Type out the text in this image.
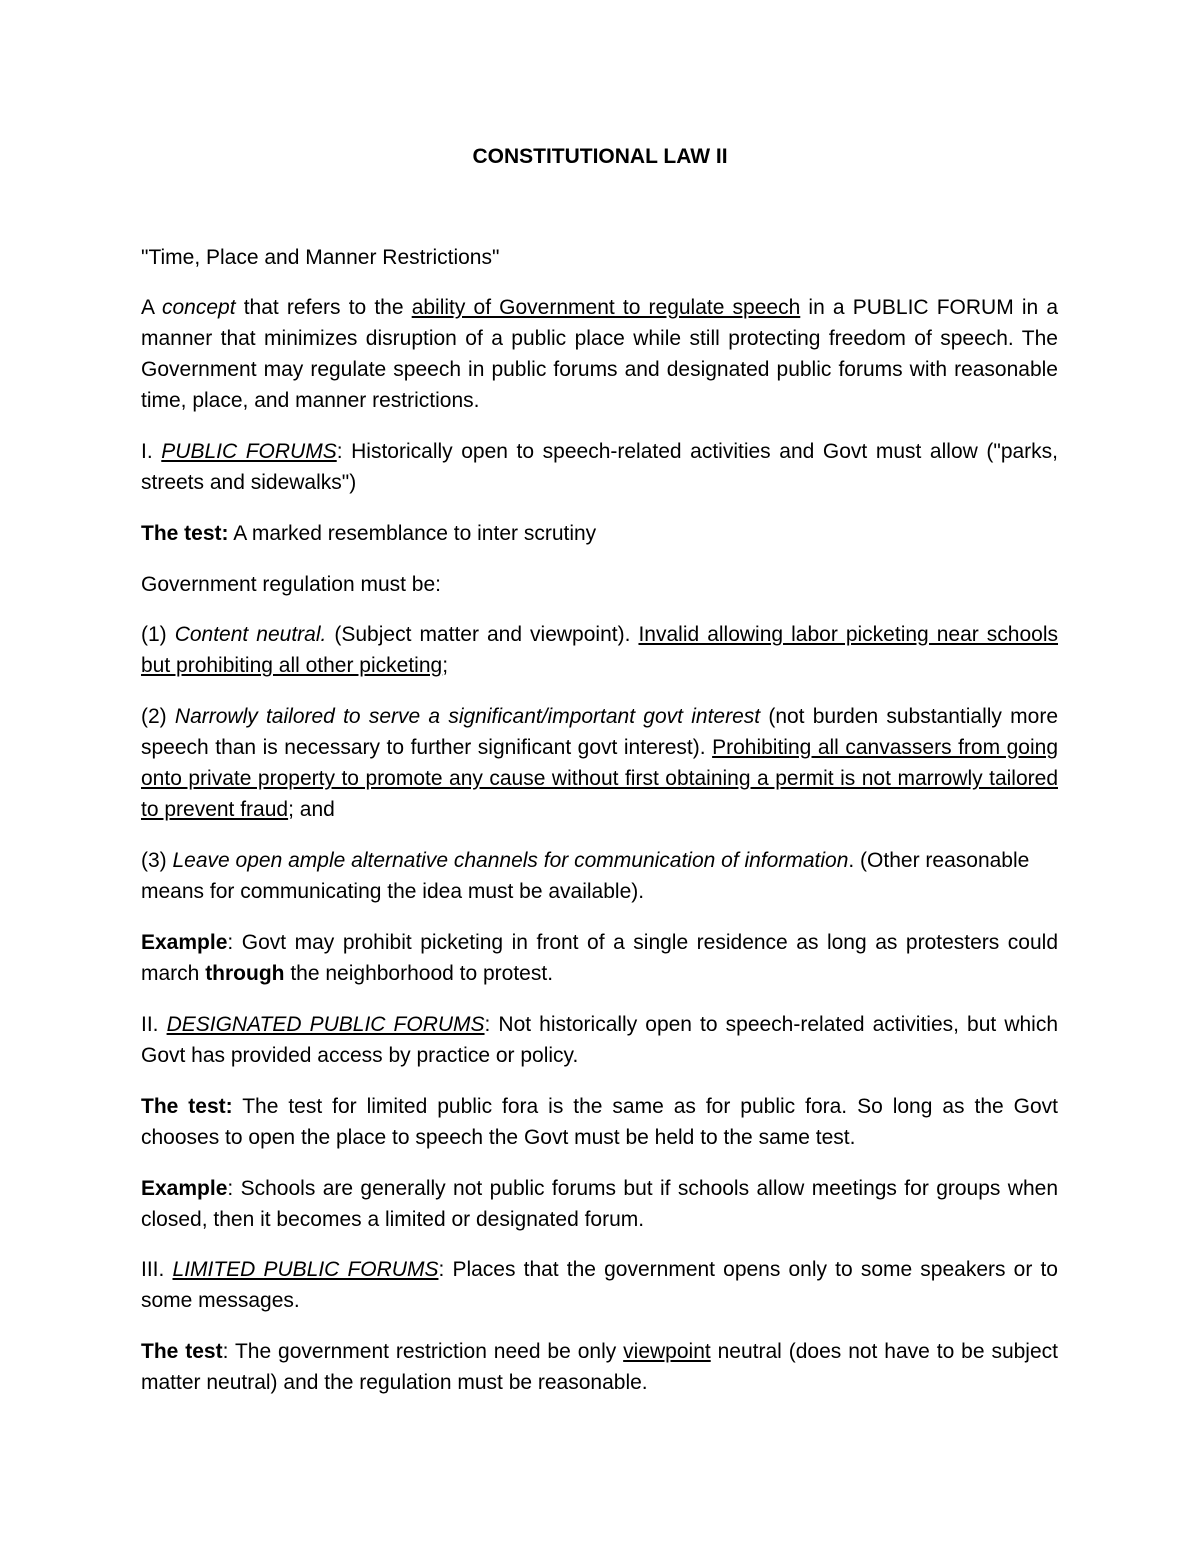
CONSTITUTIONAL LAW II

"Time, Place and Manner Restrictions"

A concept that refers to the ability of Government to regulate speech in a PUBLIC FORUM in a manner that minimizes disruption of a public place while still protecting freedom of speech. The Government may regulate speech in public forums and designated public forums with reasonable time, place, and manner restrictions.

I. PUBLIC FORUMS: Historically open to speech-related activities and Govt must allow ("parks, streets and sidewalks")

The test: A marked resemblance to inter scrutiny

Government regulation must be:

(1) Content neutral. (Subject matter and viewpoint). Invalid allowing labor picketing near schools but prohibiting all other picketing;

(2) Narrowly tailored to serve a significant/important govt interest (not burden substantially more speech than is necessary to further significant govt interest). Prohibiting all canvassers from going onto private property to promote any cause without first obtaining a permit is not marrowly tailored to prevent fraud; and

(3) Leave open ample alternative channels for communication of information. (Other reasonable means for communicating the idea must be available).

Example: Govt may prohibit picketing in front of a single residence as long as protesters could march through the neighborhood to protest.

II. DESIGNATED PUBLIC FORUMS: Not historically open to speech-related activities, but which Govt has provided access by practice or policy.

The test: The test for limited public fora is the same as for public fora. So long as the Govt chooses to open the place to speech the Govt must be held to the same test.

Example: Schools are generally not public forums but if schools allow meetings for groups when closed, then it becomes a limited or designated forum.

III. LIMITED PUBLIC FORUMS: Places that the government opens only to some speakers or to some messages.

The test: The government restriction need be only viewpoint neutral (does not have to be subject matter neutral) and the regulation must be reasonable.
